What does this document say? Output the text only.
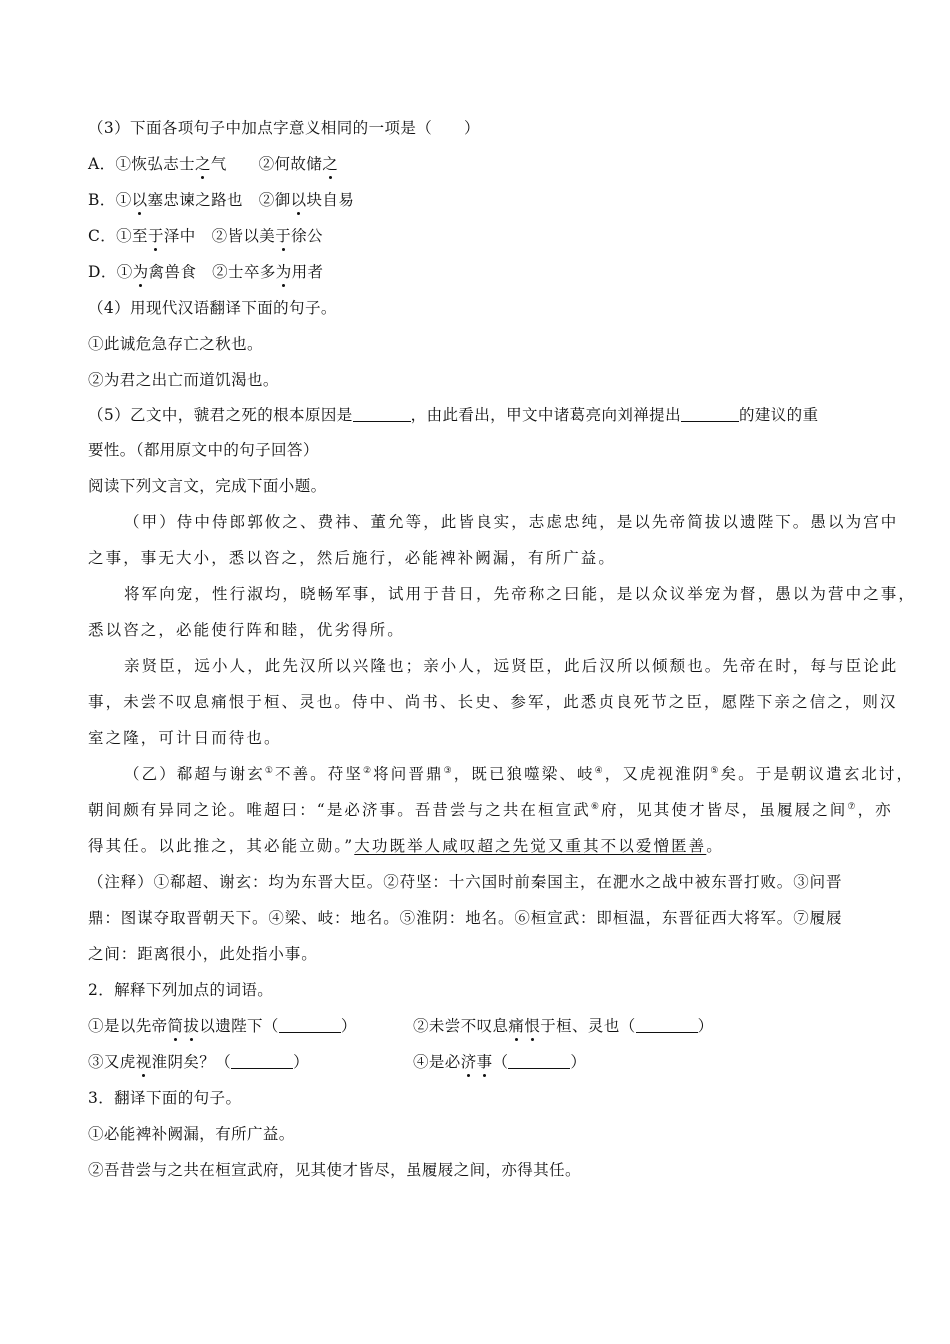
（3）下面各项句子中加点字意义相同的一项是（　　）
A．①恢弘志士之气　　②何故储之
B．①以塞忠谏之路也　②御以块自易
C．①至于泽中　②皆以美于徐公
D．①为禽兽食　②士卒多为用者
（4）用现代汉语翻译下面的句子。
①此诚危急存亡之秋也。
②为君之出亡而道饥渴也。
（5）乙文中，虢君之死的根本原因是	，由此看出，甲文中诸葛亮向刘禅提出	的建议的重
要性。（都用原文中的句子回答）
阅读下列文言文，完成下面小题。
（甲）侍中侍郎郭攸之、费祎、董允等，此皆良实，志虑忠纯，是以先帝简拔以遗陛下。愚以为宫中
之事，事无大小，悉以咨之，然后施行，必能裨补阙漏，有所广益。
将军向宠，性行淑均，晓畅军事，试用于昔日，先帝称之曰能，是以众议举宠为督，愚以为营中之事，
悉以咨之，必能使行阵和睦，优劣得所。
亲贤臣，远小人，此先汉所以兴隆也；亲小人，远贤臣，此后汉所以倾颓也。先帝在时，每与臣论此
事，未尝不叹息痛恨于桓、灵也。侍中、尚书、长史、参军，此悉贞良死节之臣，愿陛下亲之信之，则汉
室之隆，可计日而待也。
（乙）郗超与谢玄①不善。苻坚②将问晋鼎③，既已狼噬梁、岐④，又虎视淮阴⑤矣。于是朝议遣玄北讨，
朝间颇有异同之论。唯超曰：“是必济事。吾昔尝与之共在桓宣武⑥府，见其使才皆尽，虽履屐之间⑦，亦
得其任。以此推之，其必能立勋。”大功既举人咸叹超之先觉又重其不以爱憎匿善。
（注释）①郗超、谢玄：均为东晋大臣。②苻坚：十六国时前秦国主，在淝水之战中被东晋打败。③问晋
鼎：图谋夺取晋朝天下。④梁、岐：地名。⑤淮阴：地名。⑥桓宣武：即桓温，东晋征西大将军。⑦履屐
之间：距离很小，此处指小事。
2．解释下列加点的词语。
①是以先帝简拔以遗陛下（	）	②未尝不叹息痛恨于桓、灵也（	）
③又虎视淮阴矣？（	）	④是必济事（	）
3．翻译下面的句子。
①必能裨补阙漏，有所广益。
②吾昔尝与之共在桓宣武府，见其使才皆尽，虽履屐之间，亦得其任。
